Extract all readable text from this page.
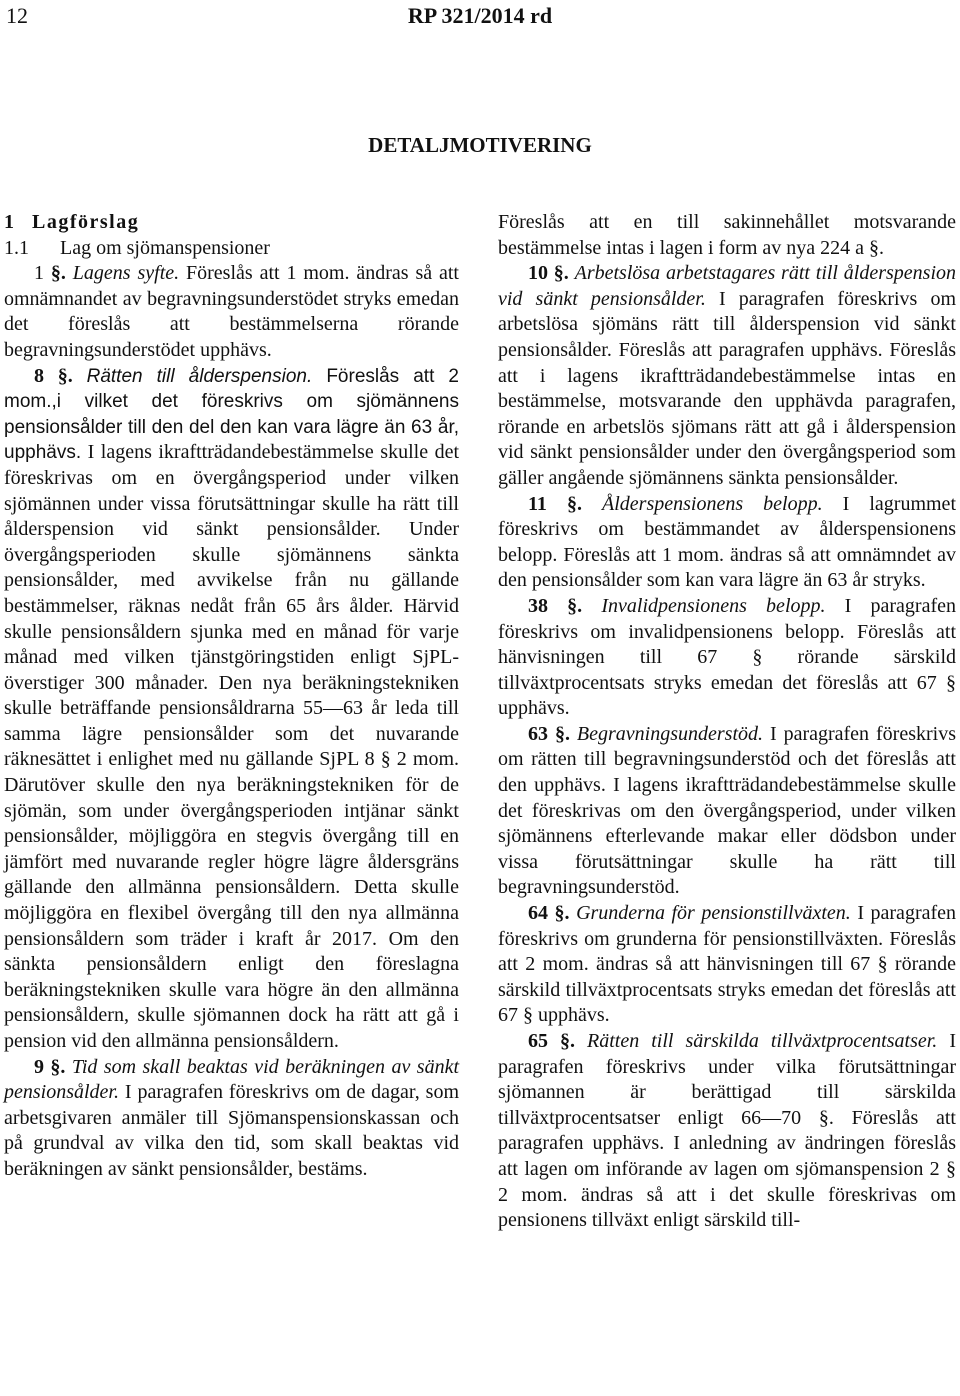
12	RP 321/2014 rd
DETALJMOTIVERING

1 Lagförslag

1.1 Lag om sjömanspensioner

1 §. Lagens syfte. Föreslås att 1 mom. ändras så att omnämnandet av begravningsunderstödet stryks emedan det föreslås att bestämmelserna rörande begravningsunderstödet upphävs.

8 §. Rätten till ålderspension. Föreslås att 2 mom.,i vilket det föreskrivs om sjömännens pensionsålder till den del den kan vara lägre än 63 år, upphävs. I lagens ikraftträdandebestämmelse skulle det föreskrivas om en övergångsperiod under vilken sjömännen under vissa förutsättningar skulle ha rätt till ålderspension vid sänkt pensionsålder. Under övergångsperioden skulle sjömännens sänkta pensionsålder, med avvikelse från nu gällande bestämmelser, räknas nedåt från 65 års ålder. Härvid skulle pensionsåldern sjunka med en månad för varje månad med vilken tjänstgöringstiden enligt SjPL-överstiger 300 månader. Den nya beräkningstekniken skulle beträffande pensionsåldrarna 55—63 år leda till samma lägre pensionsålder som det nuvarande räknesättet i enlighet med nu gällande SjPL 8 § 2 mom. Därutöver skulle den nya beräkningstekniken för de sjömän, som under övergångsperioden intjänar sänkt pensionsålder, möjliggöra en stegvis övergång till en jämfört med nuvarande regler högre lägre åldersgräns gällande den allmänna pensionsåldern. Detta skulle möjliggöra en flexibel övergång till den nya allmänna pensionsåldern som träder i kraft år 2017. Om den sänkta pensionsåldern enligt den föreslagna beräkningstekniken skulle vara högre än den allmänna pensionsåldern, skulle sjömannen dock ha rätt att gå i pension vid den allmänna pensionsåldern.

9 §. Tid som skall beaktas vid beräkningen av sänkt pensionsålder. I paragrafen föreskrivs om de dagar, som arbetsgivaren anmäler till Sjömanspensionskassan och på grundval av vilka den tid, som skall beaktas vid beräkningen av sänkt pensionsålder, bestäms.

Föreslås att en till sakinnehållet motsvarande bestämmelse intas i lagen i form av nya 224 a §.

10 §. Arbetslösa arbetstagares rätt till ålderspension vid sänkt pensionsålder. I paragrafen föreskrivs om arbetslösa sjömäns rätt till ålderspension vid sänkt pensionsålder. Föreslås att paragrafen upphävs. Föreslås att i lagens ikraftträdandebestämmelse intas en bestämmelse, motsvarande den upphävda paragrafen, rörande en arbetslös sjömans rätt att gå i ålderspension vid sänkt pensionsålder under den övergångsperiod som gäller angående sjömännens sänkta pensionsålder.

11 §. Ålderspensionens belopp. I lagrummet föreskrivs om bestämmandet av ålderspensionens belopp. Föreslås att 1 mom. ändras så att omnämndet av den pensionsålder som kan vara lägre än 63 år stryks.

38 §. Invalidpensionens belopp. I paragrafen föreskrivs om invalidpensionens belopp. Föreslås att hänvisningen till 67 § rörande särskild tillväxtprocentsats stryks emedan det föreslås att 67 § upphävs.

63 §. Begravningsunderstöd. I paragrafen föreskrivs om rätten till begravningsunderstöd och det föreslås att den upphävs. I lagens ikraftträdandebestämmelse skulle det föreskrivas om den övergångsperiod, under vilken sjömännens efterlevande makar eller dödsbon under vissa förutsättningar skulle ha rätt till begravningsunderstöd.

64 §. Grunderna för pensionstillväxten. I paragrafen föreskrivs om grunderna för pensionstillväxten. Föreslås att 2 mom. ändras så att hänvisningen till 67 § rörande särskild tillväxtprocentsats stryks emedan det föreslås att 67 § upphävs.

65 §. Rätten till särskilda tillväxtprocentsatser. I paragrafen föreskrivs under vilka förutsättningar sjömannen är berättigad till särskilda tillväxtprocentsatser enligt 66—70 §. Föreslås att paragrafen upphävs. I anledning av ändringen föreslås att lagen om införande av lagen om sjömanspension 2 § 2 mom. ändras så att i det skulle föreskrivas om pensionens tillväxt enligt särskild till-
